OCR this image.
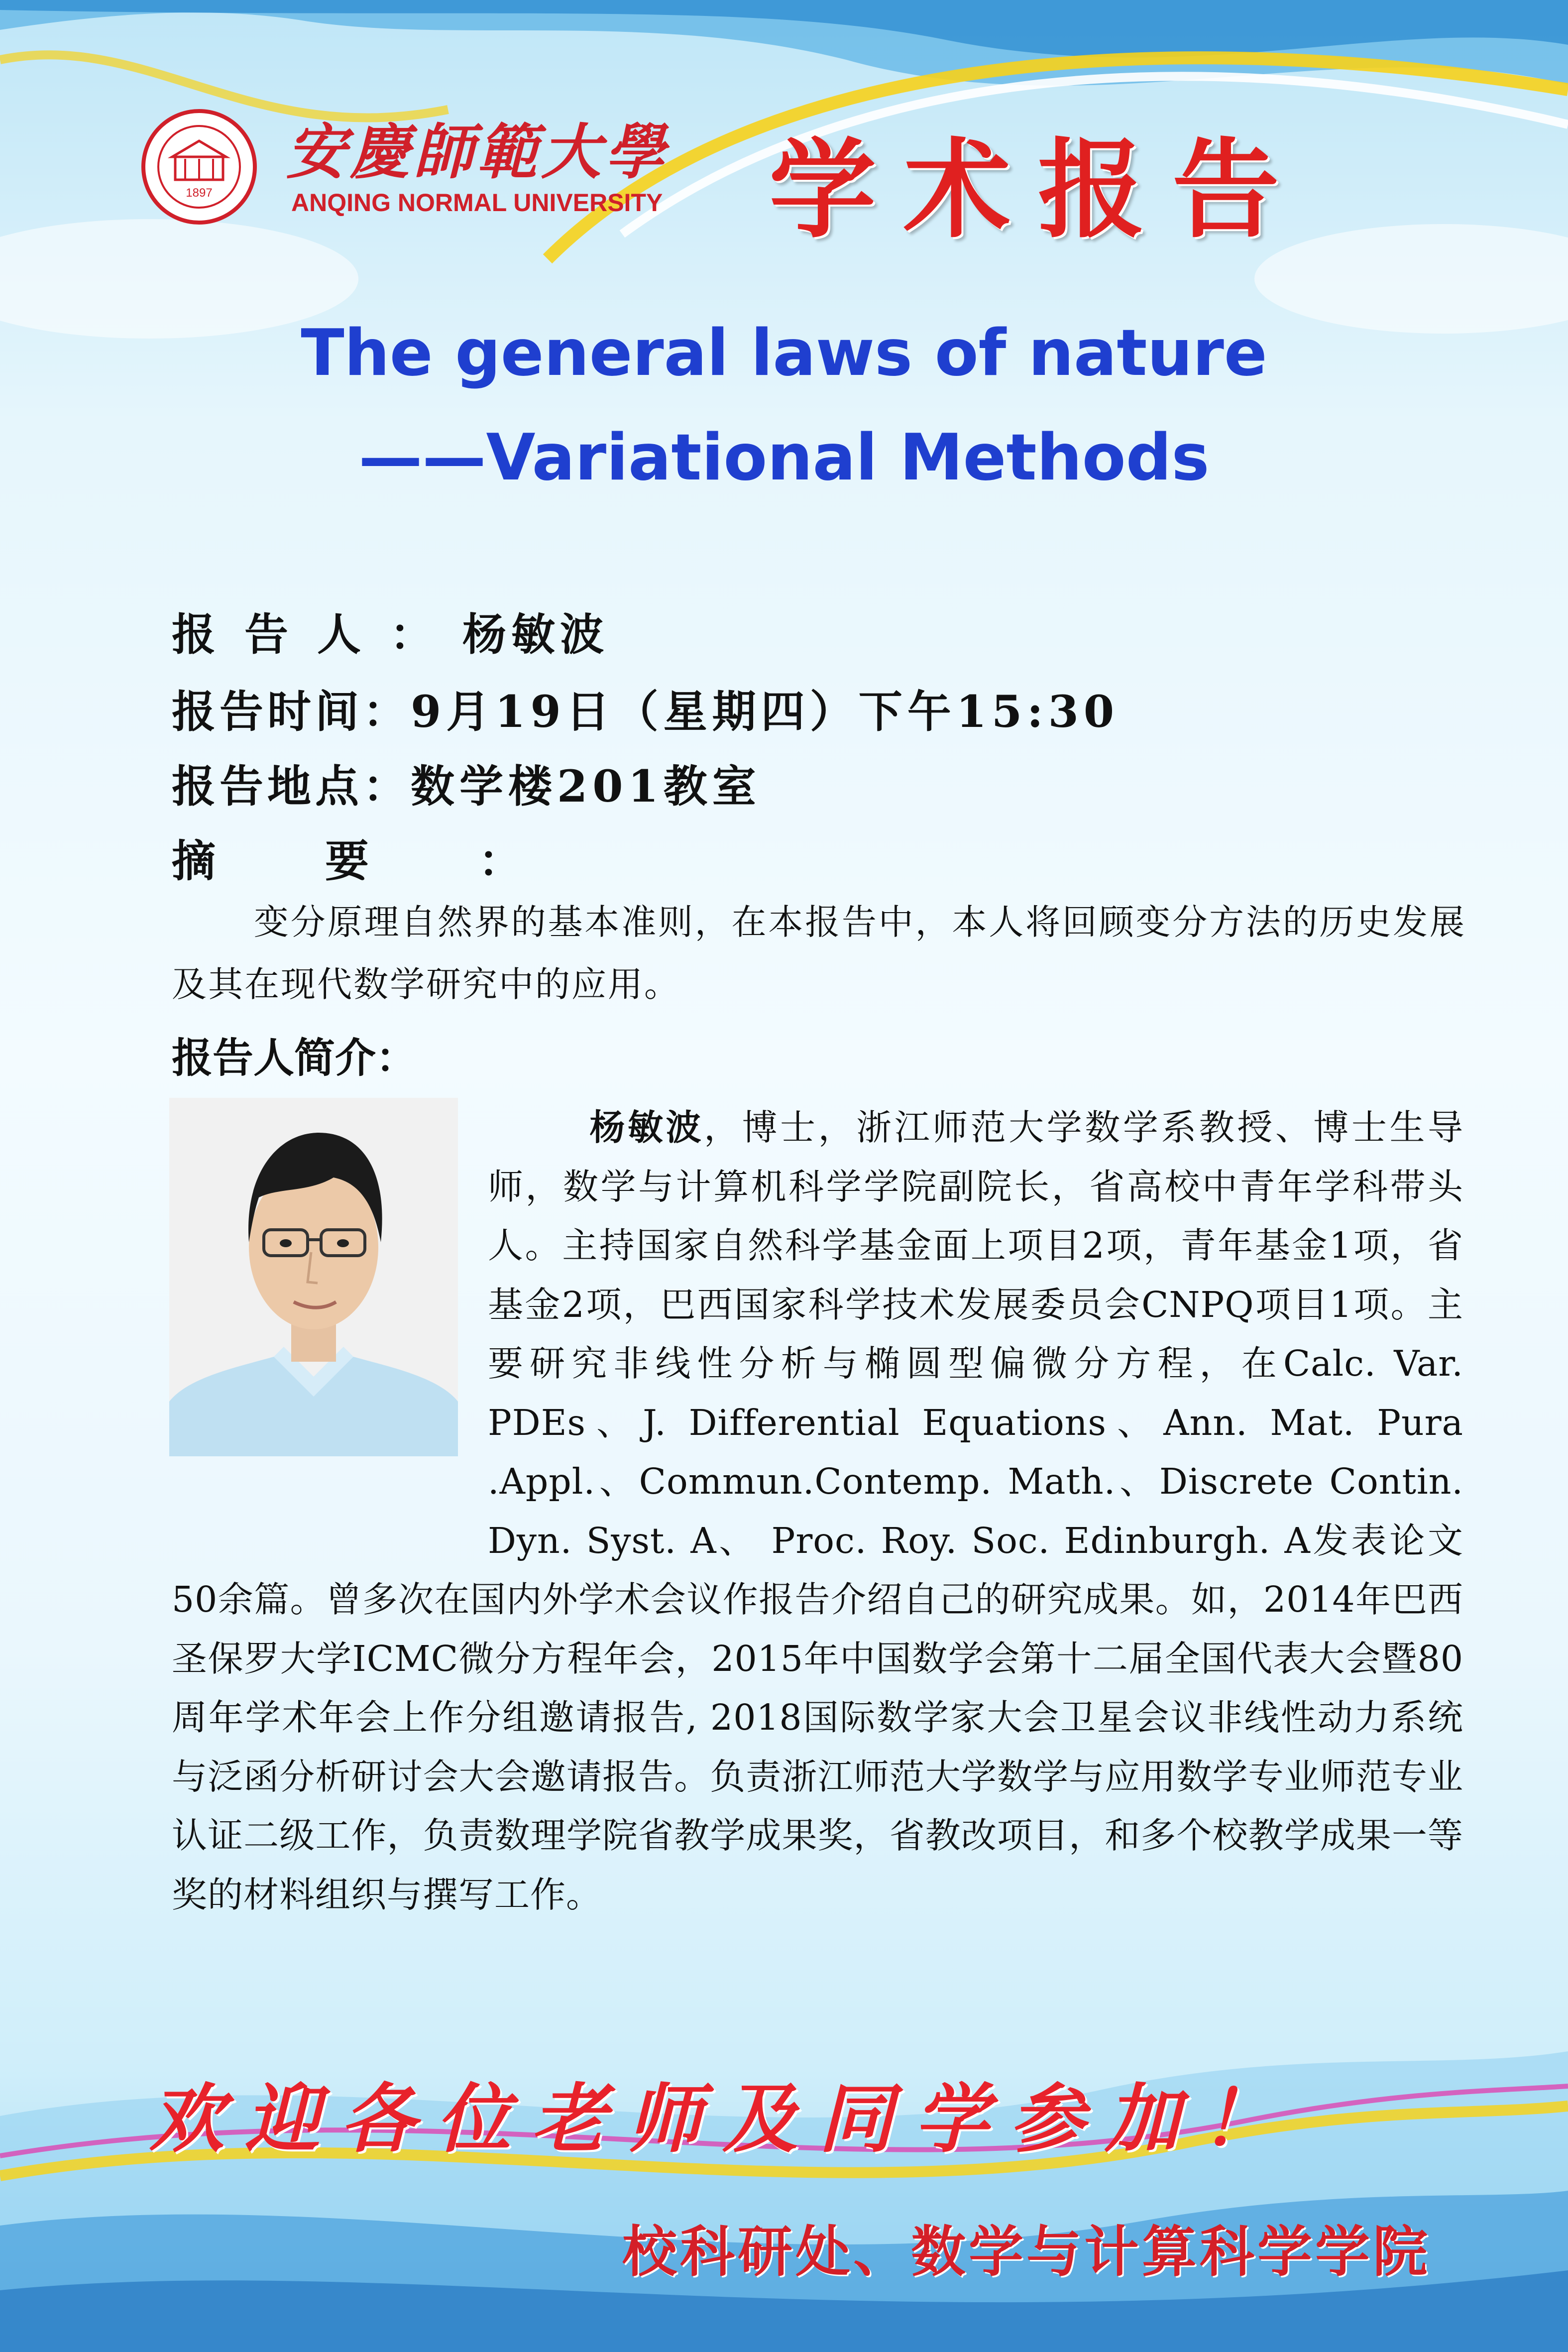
1897
安慶師範大學
ANQING NORMAL UNIVERSITY 学术报告
The general laws of nature
——Variational Methods
报告人：杨敏波
报告时间：9月19日（星期四）下午15:30
报告地点：数学楼201教室
摘要：
变分原理自然界的基本准则，在本报告中，本人将回顾变分方法的历史发展及其在现代数学研究中的应用。
报告人简介：
杨敏波，博士，浙江师范大学数学系教授、博士生导师，数学与计算机科学学院副院长，省高校中青年学科带头人。主持国家自然科学基金面上项目2项，青年基金1项，省基金2项，巴西国家科学技术发展委员会CNPQ项目1项。主要研究非线性分析与椭圆型偏微分方程，在Calc. Var. PDEs、J. Differential Equations、Ann. Mat. Pura .Appl.、Commun.Contemp. Math.、Discrete Contin. Dyn. Syst. A、 Proc. Roy. Soc. Edinburgh. A发表论文50余篇。曾多次在国内外学术会议作报告介绍自己的研究成果。如，2014年巴西圣保罗大学ICMC微分方程年会，2015年中国数学会第十二届全国代表大会暨80周年学术年会上作分组邀请报告, 2018国际数学家大会卫星会议非线性动力系统与泛函分析研讨会大会邀请报告。负责浙江师范大学数学与应用数学专业师范专业认证二级工作，负责数理学院省教学成果奖，省教改项目，和多个校教学成果一等奖的材料组织与撰写工作。
欢迎各位老师及同学参加！
校科研处、数学与计算科学学院
